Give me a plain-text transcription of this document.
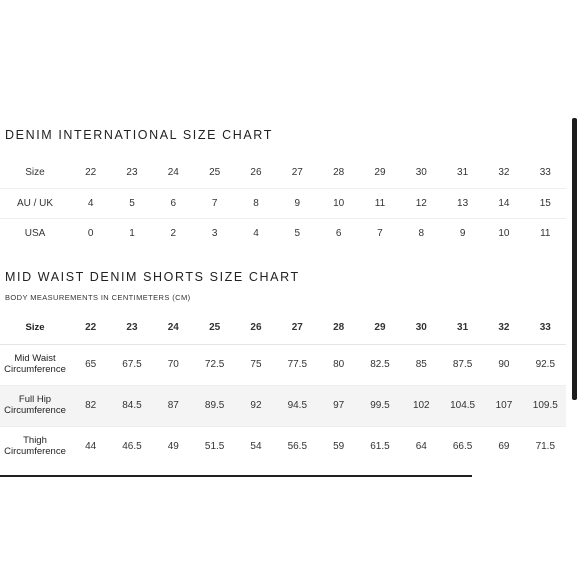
DENIM INTERNATIONAL SIZE CHART
Size	22	23	24	25	26	27	28	29	30	31	32	33
AU / UK	4	5	6	7	8	9	10	11	12	13	14	15
USA	0	1	2	3	4	5	6	7	8	9	10	11
MID WAIST DENIM SHORTS SIZE CHART
BODY MEASUREMENTS IN CENTIMETERS (CM)
Size	22	23	24	25	26	27	28	29	30	31	32	33
Mid Waist
Circumference	65	67.5	70	72.5	75	77.5	80	82.5	85	87.5	90	92.5
Full Hip
Circumference	82	84.5	87	89.5	92	94.5	97	99.5	102	104.5	107	109.5
Thigh
Circumference	44	46.5	49	51.5	54	56.5	59	61.5	64	66.5	69	71.5
